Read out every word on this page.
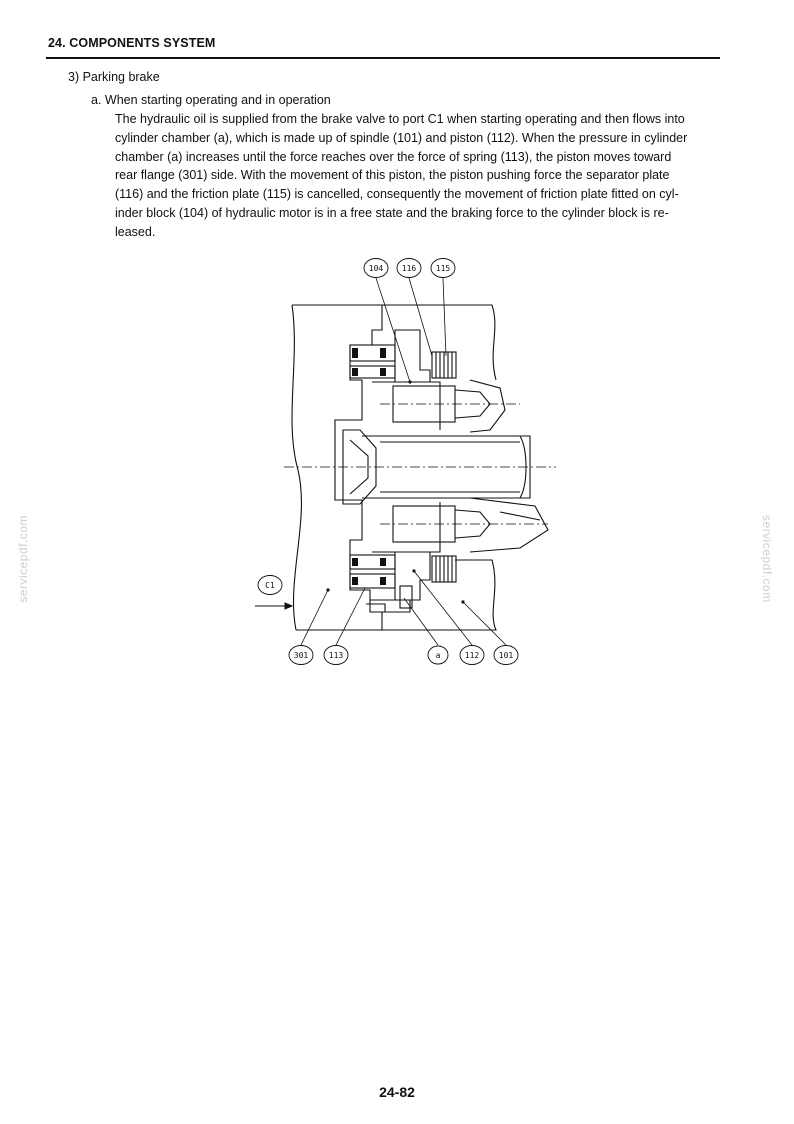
24. COMPONENTS SYSTEM
3) Parking brake
a. When starting operating and in operation
The hydraulic oil is supplied from the brake valve to port C1 when starting operating and then flows into
cylinder chamber (a), which is made up of spindle (101) and piston (112). When the pressure in cylinder
chamber (a) increases until the force reaches over the force of spring (113), the piston moves toward
rear flange (301) side. With the movement of this piston, the piston pushing force the separator plate
(116) and the friction plate (115) is cancelled, consequently the movement of friction plate fitted on cyl-
inder block (104) of hydraulic motor is in a free state and the braking force to the cylinder block is re-
leased.
servicepdf.com	servicepdf.com
104 116 115
C1
301	113	a	112 101
24-82
